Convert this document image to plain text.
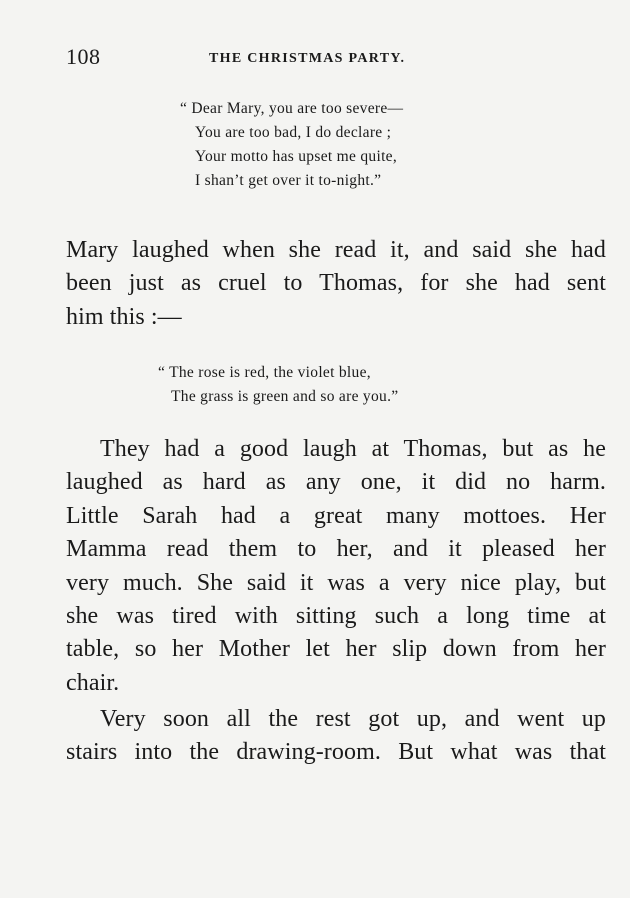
108	THE CHRISTMAS PARTY.
“ Dear Mary, you are too severe—
You are too bad, I do declare ;
Your motto has upset me quite,
I shan’t get over it to-night.”
Mary laughed when she read it, and said she had
been just as cruel to Thomas, for she had sent
him this :—
“ The rose is red, the violet blue,
The grass is green and so are you.”
They had a good laugh at Thomas, but as he
laughed as hard as any one, it did no harm.
Little Sarah had a great many mottoes. Her
Mamma read them to her, and it pleased her
very much. She said it was a very nice play, but
she was tired with sitting such a long time at
table, so her Mother let her slip down from her
chair.
Very soon all the rest got up, and went up
stairs into the drawing-room. But what was that
